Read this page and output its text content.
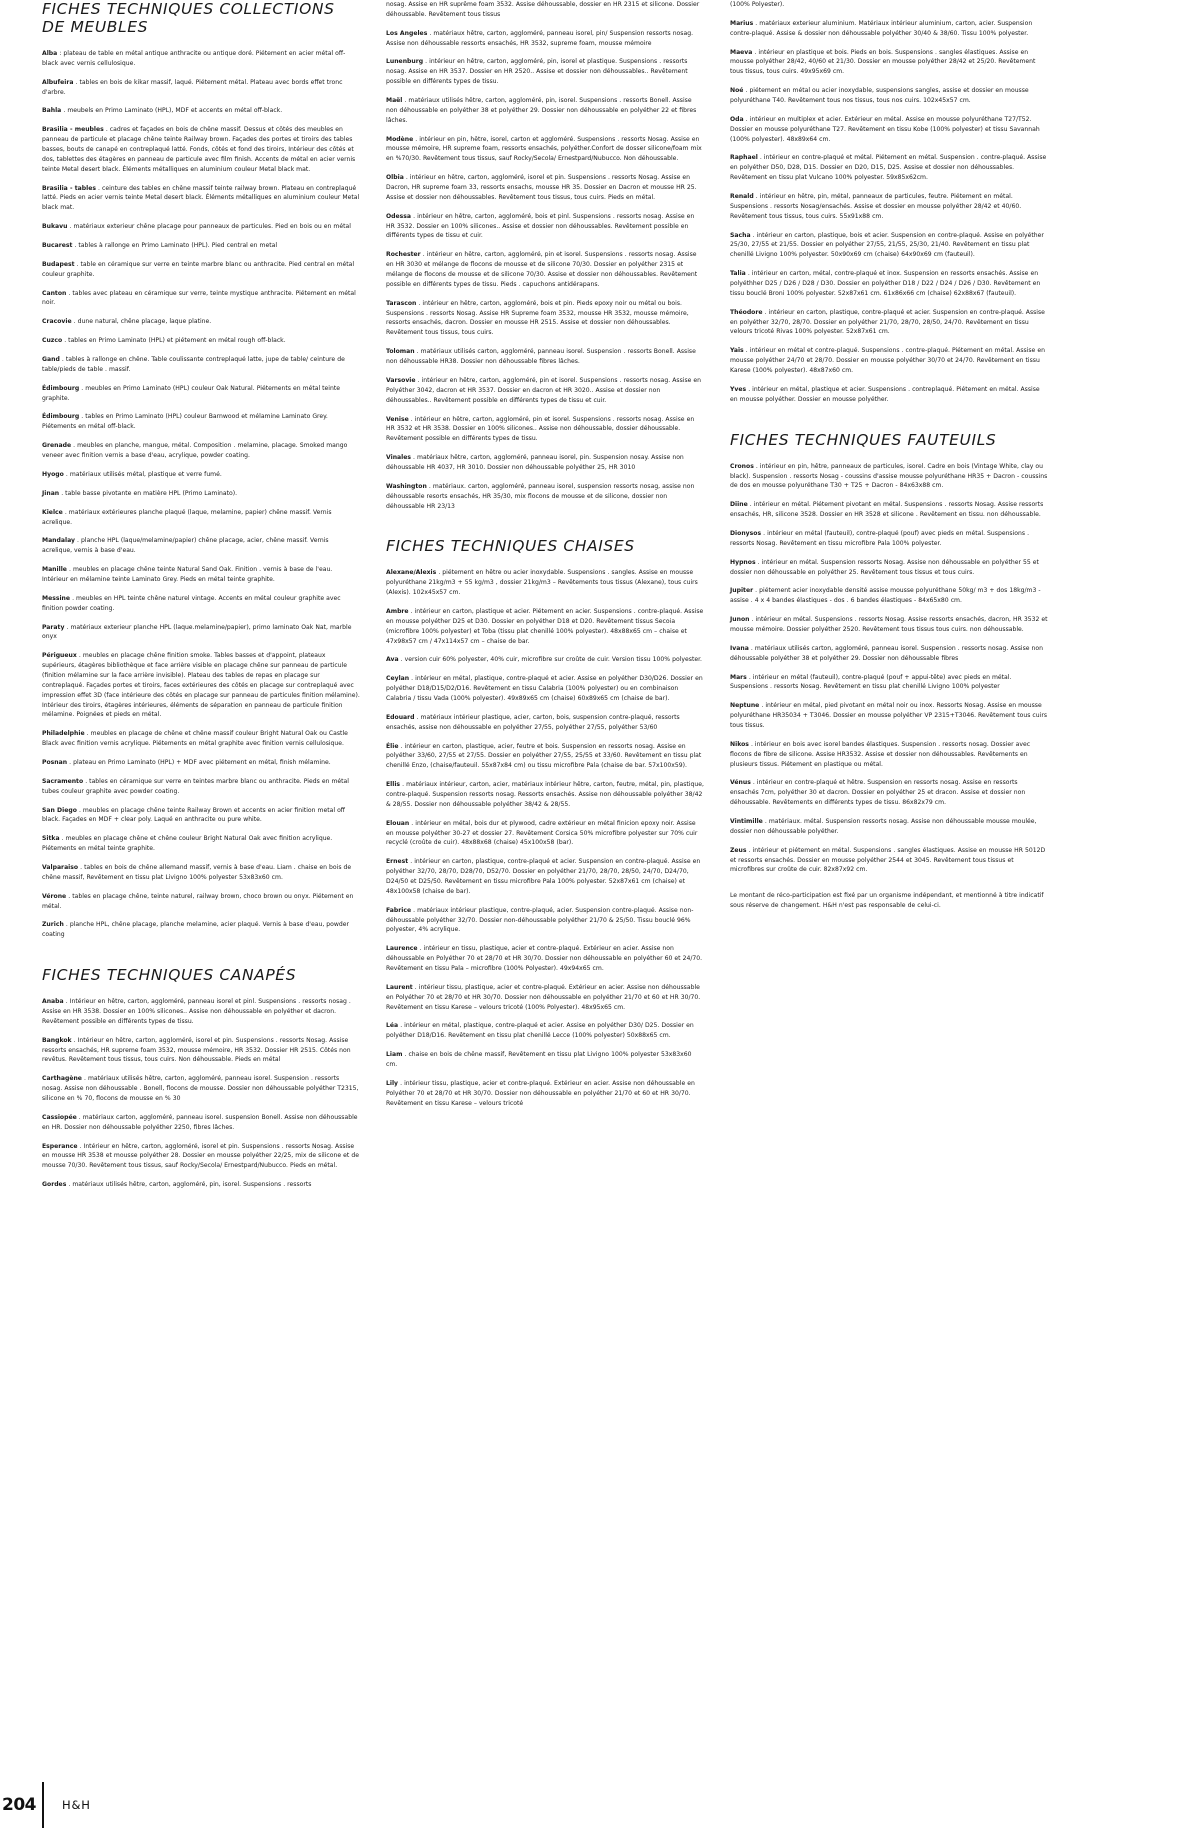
FICHES TECHNIQUES COLLECTIONS DE MEUBLES

Alba : plateau de table en métal antique anthracite ou antique doré. Piétement en acier métal off-black avec vernis cellulosique.

Albufeira . tables en bois de kikar massif, laqué. Piétement métal. Plateau avec bords effet tronc d'arbre.

Bahla . meubels en Primo Laminato (HPL), MDF et accents en métal off-black.

Brasilia - meubles . cadres et façades en bois de chêne massif. Dessus et côtés des meubles en panneau de particule et placage chêne teinte Railway brown. Façades des portes et tiroirs des tables basses, bouts de canapé en contreplaqué latté. Fonds, côtés et fond des tiroirs, Intérieur des côtés et dos, tablettes des étagères en panneau de particule avec film finish. Accents de métal en acier vernis teinte Metal desert black. Éléments métalliques en aluminium couleur Metal black mat.

Brasilia - tables . ceinture des tables en chêne massif teinte railway brown. Plateau en contreplaqué latté. Pieds en acier vernis teinte Metal desert black. Éléments métalliques en aluminium couleur Metal black mat.

Bukavu . matériaux exterieur chêne placage pour panneaux de particules. Pied en bois ou en métal

Bucarest . tables à rallonge en Primo Laminato (HPL). Pied central en metal

Budapest . table en céramique sur verre en teinte marbre blanc ou anthracite. Pied central en métal couleur graphite.

Canton . tables avec plateau en céramique sur verre, teinte mystique anthracite. Piétement en métal noir.

Cracovie . dune natural, chêne placage, laque platine.

Cuzco . tables en Primo Laminato (HPL) et piétement en métal rough off-black.

Gand . tables à rallonge en chêne. Table coulissante contreplaqué latte, jupe de table/ ceinture de table/pieds de table . massif.

Édimbourg . meubles en Primo Laminato (HPL) couleur Oak Natural. Piétements en métal teinte graphite.

Édimbourg . tables en Primo Laminato (HPL) couleur Barnwood et mélamine Laminato Grey. Piétements en métal off-black.

Grenade . meubles en planche, mangue, métal. Composition . melamine, placage. Smoked mango veneer avec finition vernis a base d'eau, acrylique, powder coating.

Hyogo . matériaux utilisés métal, plastique et verre fumé.

Jinan . table basse pivotante en matière HPL (Primo Laminato).

Kielce . matériaux extérieures planche plaqué (laque, melamine, papier) chêne massif. Vernis acrelique.

Mandalay . planche HPL (laque/melamine/papier) chêne placage, acier, chêne massif. Vernis acrelique, vernis à base d'eau.

Manille . meubles en placage chêne teinte Natural Sand Oak. Finition . vernis à base de l'eau. Intérieur en mélamine teinte Laminato Grey. Pieds en métal teinte graphite.

Messine . meubles en HPL teinte chêne naturel vintage. Accents en métal couleur graphite avec finition powder coating.

Paraty . matériaux exterieur planche HPL (laque.melamine/papier), primo laminato Oak Nat, marble onyx

Périgueux . meubles en placage chêne finition smoke. Tables basses et d'appoint, plateaux supérieurs, étagères bibliothèque et face arrière visible en placage chêne sur panneau de particule (finition mélamine sur la face arrière invisible). Plateau des tables de repas en placage sur contreplaqué. Façades portes et tiroirs, faces extérieures des côtés en placage sur contreplaqué avec impression effet 3D (face intérieure des côtés en placage sur panneau de particules finition mélamine). Intérieur des tiroirs, étagères intérieures, éléments de séparation en panneau de particule finition mélamine. Poignées et pieds en métal.

Philadelphie . meubles en placage de chêne et chêne massif couleur Bright Natural Oak ou Castle Black avec finition vernis acrylique. Piétements en métal graphite avec finition vernis cellulosique.

Posnan . plateau en Primo Laminato (HPL) + MDF avec piétement en métal, finish mélamine.

Sacramento . tables en céramique sur verre en teintes marbre blanc ou anthracite. Pieds en métal tubes couleur graphite avec powder coating.

San Diego . meubles en placage chêne teinte Railway Brown et accents en acier finition metal off black. Façades en MDF + clear poly. Laqué en anthracite ou pure white.

Sitka . meubles en placage chêne et chêne couleur Bright Natural Oak avec finition acrylique. Piétements en métal teinte graphite.

Valparaiso . tables en bois de chêne allemand massif, vernis à base d'eau. Liam . chaise en bois de chêne massif, Revêtement en tissu plat Livigno 100% polyester 53x83x60 cm.

Vérone . tables en placage chêne, teinte naturel, railway brown, choco brown ou onyx. Piétement en métal.

Zurich . planche HPL, chêne placage, planche melamine, acier plaqué. Vernis à base d'eau, powder coating

FICHES TECHNIQUES CANAPÉS

Anaba . Intérieur en hêtre, carton, aggloméré, panneau isorel et pinl. Suspensions . ressorts nosag . Assise en HR 3538. Dossier en 100% silicones.. Assise non déhoussable en polyéther et dacron. Revêtement possible en différents types de tissu.

Bangkok . Intérieur en hêtre, carton, aggloméré, isorel et pin. Suspensions . ressorts Nosag. Assise ressorts ensachés, HR supreme foam 3532, mousse mémoire, HR 3532. Dossier HR 2515. Côtés non revêtus. Revêtement tous tissus, tous cuirs. Non déhoussable. Pieds en métal

Carthagène . matériaux utilisés hêtre, carton, aggloméré, panneau isorel. Suspension . ressorts nosag. Assise non déhoussable . Bonell, flocons de mousse. Dossier non déhoussable polyéther T2315, silicone en % 70, flocons de mousse en % 30

Cassiopée . matériaux carton, aggloméré, panneau isorel. suspension Bonell. Assise non déhoussable en HR. Dossier non déhoussable polyéther 2250, fibres lâches.

Esperance . Intérieur en hêtre, carton, aggloméré, isorel et pin. Suspensions . ressorts Nosag. Assise en mousse HR 3538 et mousse polyéther 28. Dossier en mousse polyéther 22/25, mix de silicone et de mousse 70/30. Revêtement tous tissus, sauf Rocky/Secola/ Ernestpard/Nubucco. Pieds en métal.

Gordes . matériaux utilisés hêtre, carton, aggloméré, pin, isorel. Suspensions . ressorts

nosag. Assise en HR suprême foam 3532. Assise déhoussable, dossier en HR 2315 et silicone. Dossier déhoussable. Revêtement tous tissus

Los Angeles . matériaux hêtre, carton, aggloméré, panneau isorel, pin/ Suspension ressorts nosag. Assise non déhoussable ressorts ensachés, HR 3532, supreme foam, mousse mémoire

Lunenburg . intérieur en hêtre, carton, aggloméré, pin, isorel et plastique. Suspensions . ressorts nosag. Assise en HR 3537. Dossier en HR 2520.. Assise et dossier non déhoussables.. Revêtement possible en différents types de tissu.

Maël . matériaux utilisés hêtre, carton, aggloméré, pin, isorel. Suspensions . ressorts Bonell. Assise non déhoussable en polyéther 38 et polyéther 29. Dossier non déhoussable en polyéther 22 et fibres lâches.

Modène . intérieur en pin, hêtre, isorel, carton et aggloméré. Suspensions . ressorts Nosag. Assise en mousse mémoire, HR supreme foam, ressorts ensachés, polyéther.Confort de dosser silicone/foam mix en %70/30. Revêtement tous tissus, sauf Rocky/Secola/ Ernestpard/Nubucco. Non déhoussable.

Olbia . intérieur en hêtre, carton, aggloméré, isorel et pin. Suspensions . ressorts Nosag. Assise en Dacron, HR supreme foam 33, ressorts ensachs, mousse HR 35. Dossier en Dacron et mousse HR 25. Assise et dossier non déhoussables. Revêtement tous tissus, tous cuirs. Pieds en métal.

Odessa . intérieur en hêtre, carton, aggloméré, bois et pinl. Suspensions . ressorts nosag. Assise en HR 3532. Dossier en 100% silicones.. Assise et dossier non déhoussables. Revêtement possible en différents types de tissu et cuir.

Rochester . intérieur en hêtre, carton, aggloméré, pin et isorel. Suspensions . ressorts nosag. Assise en HR 3030 et mélange de flocons de mousse et de silicone 70/30. Dossier en polyéther 2315 et mélange de flocons de mousse et de silicone 70/30. Assise et dossier non déhoussables. Revêtement possible en différents types de tissu. Pieds . capuchons antidérapans.

Tarascon . intérieur en hêtre, carton, aggloméré, bois et pin. Pieds epoxy noir ou métal ou bois. Suspensions . ressorts Nosag. Assise HR Supreme foam 3532, mousse HR 3532, mousse mémoire, ressorts ensachés, dacron. Dossier en mousse HR 2515. Assise et dossier non déhoussables. Revêtement tous tissus, tous cuirs.

Toloman . matériaux utilisés carton, aggloméré, panneau isorel. Suspension . ressorts Bonell. Assise non déhoussable HR38. Dossier non déhoussable fibres lâches.

Varsovie . intérieur en hêtre, carton, aggloméré, pin et isorel. Suspensions . ressorts nosag. Assise en Polyéther 3042, dacron et HR 3537. Dossier en dacron et HR 3020.. Assise et dossier non déhoussables.. Revêtement possible en différents types de tissu et cuir.

Venise . intérieur en hêtre, carton, aggloméré, pin et isorel. Suspensions . ressorts nosag. Assise en HR 3532 et HR 3538. Dossier en 100% silicones.. Assise non déhoussable, dossier déhoussable. Revêtement possible en différents types de tissu.

Vinales . matériaux hêtre, carton, aggloméré, panneau isorel, pin. Suspension nosay. Assise non déhoussable HR 4037, HR 3010. Dossier non déhoussable polyéther 25, HR 3010

Washington . matériaux. carton, aggloméré, panneau isorel, suspension ressorts nosag, assise non déhoussable resorts ensachés, HR 35/30, mix flocons de mousse et de silicone, dossier non déhoussable HR 23/13

FICHES TECHNIQUES CHAISES

Alexane/Alexis . piétement en hêtre ou acier inoxydable. Suspensions . sangles. Assise en mousse polyuréthane 21kg/m3 + 55 kg/m3 , dossier 21kg/m3 – Revêtements tous tissus (Alexane), tous cuirs (Alexis). 102x45x57 cm.

Ambre . intérieur en carton, plastique et acier. Piétement en acier. Suspensions . contre-plaqué. Assise en mousse polyéther D25 et D30. Dossier en polyéther D18 et D20. Revêtement tissus Secoia (microfibre 100% polyester) et Toba (tissu plat chenillé 100% polyester). 48x88x65 cm – chaise et 47x98x57 cm / 47x114x57 cm – chaise de bar.

Ava . version cuir 60% polyester, 40% cuir, microfibre sur croûte de cuir. Version tissu 100% polyester.

Ceylan . intérieur en métal, plastique, contre-plaqué et acier. Assise en polyéther D30/D26. Dossier en polyéther D18/D15/D2/D16. Revêtement en tissu Calabria (100% polyester) ou en combinaison Calabria / tissu Vada (100% polyester). 49x89x65 cm (chaise) 60x89x65 cm (chaise de bar).

Edouard . matériaux intérieur plastique, acier, carton, bois, suspension contre-plaqué, ressorts ensachés, assise non déhoussable en polyéther 27/55, polyéther 27/55, polyéther 53/60

Élie . intérieur en carton, plastique, acier, feutre et bois. Suspension en ressorts nosag. Assise en polyéther 33/60, 27/55 et 27/55. Dossier en polyéther 27/55, 25/55 et 33/60. Revêtement en tissu plat chenillé Enzo, (chaise/fauteuil. 55x87x84 cm) ou tissu microfibre Pala (chaise de bar. 57x100x59).

Ellis . matériaux intérieur, carton, acier, matériaux intérieur hêtre, carton, feutre, métal, pin, plastique, contre-plaqué. Suspension ressorts nosag. Ressorts ensachés. Assise non déhoussable polyéther 38/42 & 28/55. Dossier non déhoussable polyéther 38/42 & 28/55.

Elouan . intérieur en métal, bois dur et plywood, cadre extérieur en métal finicion epoxy noir. Assise en mousse polyéther 30-27 et dossier 27. Revêtement Corsica 50% microfibre polyester sur 70% cuir recyclé (croûte de cuir). 48x88x68 (chaise) 45x100x58 (bar).

Ernest . intérieur en carton, plastique, contre-plaqué et acier. Suspension en contre-plaqué. Assise en polyéther 32/70, 28/70, D28/70, D52/70. Dossier en polyéther 21/70, 28/70, 28/50, 24/70, D24/70, D24/50 et D25/50. Revêtement en tissu microfibre Pala 100% polyester. 52x87x61 cm (chaise) et 48x100x58 (chaise de bar).

Fabrice . matériaux intérieur plastique, contre-plaqué, acier. Suspension contre-plaqué. Assise non-déhoussable polyéther 32/70. Dossier non-déhoussable polyéther 21/70 & 25/50. Tissu bouclé 96% polyester, 4% acrylique.

Laurence . intérieur en tissu, plastique, acier et contre-plaqué. Extérieur en acier. Assise non déhoussable en Polyéther 70 et 28/70 et HR 30/70. Dossier non déhoussable en polyéther 60 et 24/70. Revêtement en tissu Pala – microfibre (100% Polyester). 49x94x65 cm.

Laurent . intérieur tissu, plastique, acier et contre-plaqué. Extérieur en acier. Assise non déhoussable en Polyéther 70 et 28/70 et HR 30/70. Dossier non déhoussable en polyéther 21/70 et 60 et HR 30/70. Revêtement en tissu Karese – velours tricoté (100% Polyester). 48x95x65 cm.

Léa . intérieur en métal, plastique, contre-plaqué et acier. Assise en polyéther D30/ D25. Dossier en polyéther D18/D16. Revêtement en tissu plat chenillé Lecce (100% polyester) 50x88x65 cm.

Liam . chaise en bois de chêne massif, Revêtement en tissu plat Livigno 100% polyester 53x83x60 cm.

Lily . intérieur tissu, plastique, acier et contre-plaqué. Extérieur en acier. Assise non déhoussable en Polyéther 70 et 28/70 et HR 30/70. Dossier non déhoussable en polyéther 21/70 et 60 et HR 30/70. Revêtement en tissu Karese – velours tricoté

(100% Polyester).

Marius . matériaux exterieur aluminium. Matériaux intérieur aluminium, carton, acier. Suspension contre-plaqué. Assise & dossier non déhoussable polyéther 30/40 & 38/60. Tissu 100% polyester.

Maeva . intérieur en plastique et bois. Pieds en bois. Suspensions . sangles élastiques. Assise en mousse polyéther 28/42, 40/60 et 21/30. Dossier en mousse polyéther 28/42 et 25/20. Revêtement tous tissus, tous cuirs. 49x95x69 cm.

Noé . piétement en métal ou acier inoxydable, suspensions sangles, assise et dossier en mousse polyuréthane T40. Revêtement tous nos tissus, tous nos cuirs. 102x45x57 cm.

Oda . intérieur en multiplex et acier. Extérieur en métal. Assise en mousse polyuréthane T27/T52. Dossier en mousse polyuréthane T27. Revêtement en tissu Kobe (100% polyester) et tissu Savannah (100% polyester). 48x89x64 cm.

Raphael . intérieur en contre-plaqué et métal. Piétement en métal. Suspension . contre-plaqué. Assise en polyéther D50, D28, D15. Dossier en D20, D15, D25. Assise et dossier non déhoussables. Revêtement en tissu plat Vulcano 100% polyester. 59x85x62cm.

Renald . intérieur en hêtre, pin, métal, panneaux de particules, feutre. Piétement en métal. Suspensions . ressorts Nosag/ensachés. Assise et dossier en mousse polyéther 28/42 et 40/60. Revêtement tous tissus, tous cuirs. 55x91x88 cm.

Sacha . intérieur en carton, plastique, bois et acier. Suspension en contre-plaqué. Assise en polyéther 25/30, 27/55 et 21/55. Dossier en polyéther 27/55, 21/55, 25/30, 21/40. Revêtement en tissu plat chenillé Livigno 100% polyester. 50x90x69 cm (chaise) 64x90x69 cm (fauteuil).

Talia . intérieur en carton, métal, contre-plaqué et inox. Suspension en ressorts ensachés. Assise en polyéthher D25 / D26 / D28 / D30. Dossier en polyéther D18 / D22 / D24 / D26 / D30. Revêtement en tissu bouclé Broni 100% polyester. 52x87x61 cm. 61x86x66 cm (chaise) 62x88x67 (fauteuil).

Théodore . intérieur en carton, plastique, contre-plaqué et acier. Suspension en contre-plaqué. Assise en polyéther 32/70, 28/70. Dossier en polyéther 21/70, 28/70, 28/50, 24/70. Revêtement en tissu velours tricoté Rivas 100% polyester. 52x87x61 cm.

Yaïs . intérieur en métal et contre-plaqué. Suspensions . contre-plaqué. Piétement en métal. Assise en mousse polyéther 24/70 et 28/70. Dossier en mousse polyéther 30/70 et 24/70. Revêtement en tissu Karese (100% polyester). 48x87x60 cm.

Yves . intérieur en métal, plastique et acier. Suspensions . contreplaqué. Piétement en métal. Assise en mousse polyéther. Dossier en mousse polyéther.

FICHES TECHNIQUES FAUTEUILS

Cronos . intérieur en pin, hêtre, panneaux de particules, isorel. Cadre en bois (Vintage White, clay ou black). Suspension . ressorts Nosag - coussins d'assise mousse polyuréthane HR35 + Dacron - coussins de dos en mousse polyuréthane T30 + T25 + Dacron - 84x63x88 cm.

Diine . intérieur en métal. Piétement pivotant en métal. Suspensions . ressorts Nosag. Assise ressorts ensachés, HR, silicone 3528. Dossier en HR 3528 et silicone . Revêtement en tissu. non déhoussable.

Dionysos . intérieur en métal (fauteuil), contre-plaqué (pouf) avec pieds en métal. Suspensions . ressorts Nosag. Revêtement en tissu microfibre Pala 100% polyester.

Hypnos . intérieur en métal. Suspension ressorts Nosag. Assise non déhoussable en polyéther 55 et dossier non déhoussable en polyéther 25. Revêtement tous tissus et tous cuirs.

Jupiter . piétement acier inoxydable densité assise mousse polyuréthane 50kg/ m3 + dos 18kg/m3 - assise . 4 x 4 bandes élastiques - dos . 6 bandes élastiques - 84x65x80 cm.

Junon . intérieur en métal. Suspensions . ressorts Nosag. Assise ressorts ensachés, dacron, HR 3532 et mousse mémoire. Dossier polyéther 2520. Revêtement tous tissus tous cuirs. non déhoussable.

Ivana . matériaux utilisés carton, aggloméré, panneau isorel. Suspension . ressorts nosag. Assise non déhoussable polyéther 38 et polyéther 29. Dossier non déhoussable fibres

Mars . intérieur en métal (fauteuil), contre-plaqué (pouf + appui-tête) avec pieds en métal. Suspensions . ressorts Nosag. Revêtement en tissu plat chenillé Livigno 100% polyester

Neptune . intérieur en métal, pied pivotant en métal noir ou inox. Ressorts Nosag. Assise en mousse polyuréthane HR35034 + T3046. Dossier en mousse polyéther VP 2315+T3046. Revêtement tous cuirs tous tissus.

Nikos . intérieur en bois avec isorel bandes élastiques. Suspension . ressorts nosag. Dossier avec flocons de fibre de silicone. Assise HR3532. Assise et dossier non déhoussables. Revêtements en plusieurs tissus. Piétement en plastique ou métal.

Vénus . intérieur en contre-plaqué et hêtre. Suspension en ressorts nosag. Assise en ressorts ensachés 7cm, polyéther 30 et dacron. Dossier en polyéther 25 et dracon. Assise et dossier non déhoussable. Revêtements en différents types de tissu. 86x82x79 cm.

Vintimille . matériaux. métal. Suspension ressorts nosag. Assise non déhoussable mousse moulée, dossier non déhoussable polyéther.

Zeus . intérieur et piétement en métal. Suspensions . sangles élastiques. Assise en mousse HR 5012D et ressorts ensachés. Dossier en mousse polyéther 2544 et 3045. Revêtement tous tissus et microfibres sur croûte de cuir. 82x87x92 cm.

Le montant de réco-participation est fixé par un organisme indépendant, et mentionné à titre indicatif sous réserve de changement. H&H n'est pas responsable de celui-ci.

204 H&H
